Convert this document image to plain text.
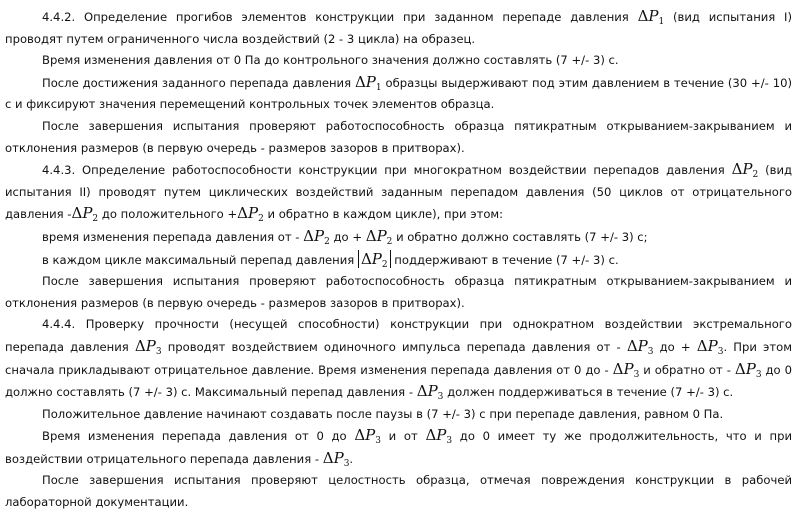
4.4.2. Определение прогибов элементов конструкции при заданном перепаде давления $\Delta P_1$ (вид испытания I) проводят путем ограниченного числа воздействий (2 - 3 цикла) на образец.

Время изменения давления от 0 Па до контрольного значения должно составлять (7 +/- 3) с.

После достижения заданного перепада давления $\Delta P_1$ образцы выдерживают под этим давлением в течение (30 +/- 10) с и фиксируют значения перемещений контрольных точек элементов образца.

После завершения испытания проверяют работоспособность образца пятикратным открыванием-закрыванием и отклонения размеров (в первую очередь - размеров зазоров в притворах).

4.4.3. Определение работоспособности конструкции при многократном воздействии перепадов давления $\Delta P_2$ (вид испытания II) проводят путем циклических воздействий заданным перепадом давления (50 циклов от отрицательного давления $-\Delta P_2$ до положительного $+\Delta P_2$ и обратно в каждом цикле), при этом:

время изменения перепада давления от - $\Delta P_2$ до + $\Delta P_2$ и обратно должно составлять (7 +/- 3) с;

в каждом цикле максимальный перепад давления $\Delta P_2$ поддерживают в течение (7 +/- 3) с.

После завершения испытания проверяют работоспособность образца пятикратным открыванием-закрыванием и отклонения размеров (в первую очередь - размеров зазоров в притворах).

4.4.4. Проверку прочности (несущей способности) конструкции при однократном воздействии экстремального перепада давления $\Delta P_3$ проводят воздействием одиночного импульса перепада давления от - $\Delta P_3$ до + $\Delta P_3$. При этом сначала прикладывают отрицательное давление. Время изменения перепада давления от 0 до - $\Delta P_3$ и обратно от - $\Delta P_3$ до 0 должно составлять (7 +/- 3) с. Максимальный перепад давления - $\Delta P_3$ должен поддерживаться в течение (7 +/- 3) с.

Положительное давление начинают создавать после паузы в (7 +/- 3) с при перепаде давления, равном 0 Па.

Время изменения перепада давления от 0 до $\Delta P_3$ и от $\Delta P_3$ до 0 имеет ту же продолжительность, что и при воздействии отрицательного перепада давления - $\Delta P_3$.

После завершения испытания проверяют целостность образца, отмечая повреждения конструкции в рабочей лабораторной документации.
